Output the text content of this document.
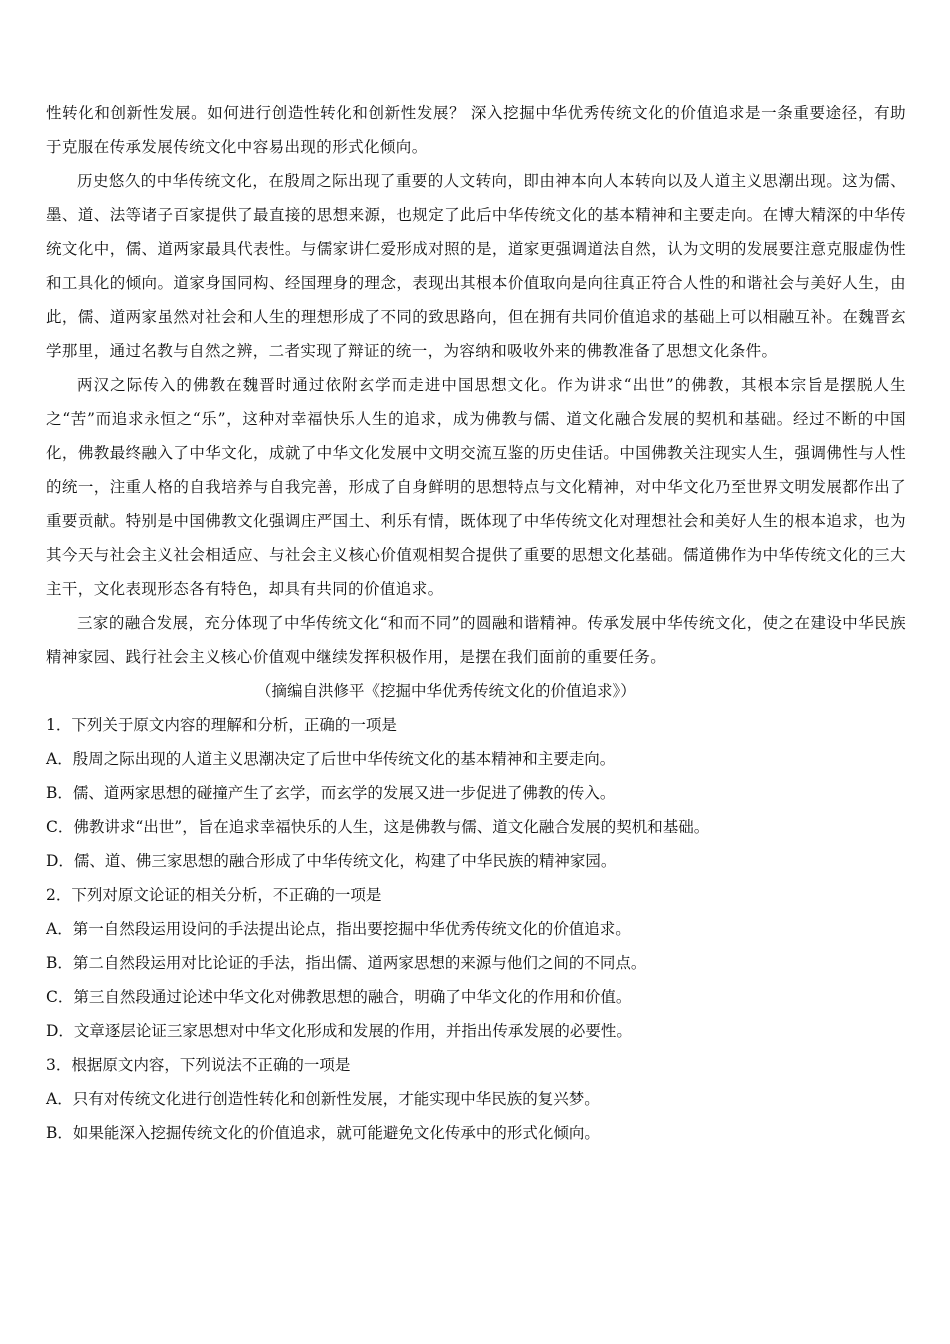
性转化和创新性发展。如何进行创造性转化和创新性发展？ 深入挖掘中华优秀传统文化的价值追求是一条重要途径，有助于克服在传承发展传统文化中容易出现的形式化倾向。

历史悠久的中华传统文化，在殷周之际出现了重要的人文转向，即由神本向人本转向以及人道主义思潮出现。这为儒、墨、道、法等诸子百家提供了最直接的思想来源，也规定了此后中华传统文化的基本精神和主要走向。在博大精深的中华传统文化中，儒、道两家最具代表性。与儒家讲仁爱形成对照的是，道家更强调道法自然，认为文明的发展要注意克服虚伪性和工具化的倾向。道家身国同构、经国理身的理念，表现出其根本价值取向是向往真正符合人性的和谐社会与美好人生，由此，儒、道两家虽然对社会和人生的理想形成了不同的致思路向，但在拥有共同价值追求的基础上可以相融互补。在魏晋玄学那里，通过名教与自然之辨，二者实现了辩证的统一，为容纳和吸收外来的佛教准备了思想文化条件。

两汉之际传入的佛教在魏晋时通过依附玄学而走进中国思想文化。作为讲求“出世”的佛教，其根本宗旨是摆脱人生之“苦”而追求永恒之“乐”，这种对幸福快乐人生的追求，成为佛教与儒、道文化融合发展的契机和基础。经过不断的中国化，佛教最终融入了中华文化，成就了中华文化发展中文明交流互鉴的历史佳话。中国佛教关注现实人生，强调佛性与人性的统一，注重人格的自我培养与自我完善，形成了自身鲜明的思想特点与文化精神，对中华文化乃至世界文明发展都作出了重要贡献。特别是中国佛教文化强调庄严国土、利乐有情，既体现了中华传统文化对理想社会和美好人生的根本追求，也为其今天与社会主义社会相适应、与社会主义核心价值观相契合提供了重要的思想文化基础。儒道佛作为中华传统文化的三大主干，文化表现形态各有特色，却具有共同的价值追求。

三家的融合发展，充分体现了中华传统文化“和而不同”的圆融和谐精神。传承发展中华传统文化，使之在建设中华民族精神家园、践行社会主义核心价值观中继续发挥积极作用，是摆在我们面前的重要任务。

（摘编自洪修平《挖掘中华优秀传统文化的价值追求》）

1．下列关于原文内容的理解和分析，正确的一项是

A．殷周之际出现的人道主义思潮决定了后世中华传统文化的基本精神和主要走向。

B．儒、道两家思想的碰撞产生了玄学，而玄学的发展又进一步促进了佛教的传入。

C．佛教讲求“出世”，旨在追求幸福快乐的人生，这是佛教与儒、道文化融合发展的契机和基础。

D．儒、道、佛三家思想的融合形成了中华传统文化，构建了中华民族的精神家园。

2．下列对原文论证的相关分析，不正确的一项是

A．第一自然段运用设问的手法提出论点，指出要挖掘中华优秀传统文化的价值追求。

B．第二自然段运用对比论证的手法，指出儒、道两家思想的来源与他们之间的不同点。

C．第三自然段通过论述中华文化对佛教思想的融合，明确了中华文化的作用和价值。

D．文章逐层论证三家思想对中华文化形成和发展的作用，并指出传承发展的必要性。

3．根据原文内容，下列说法不正确的一项是

A．只有对传统文化进行创造性转化和创新性发展，才能实现中华民族的复兴梦。

B．如果能深入挖掘传统文化的价值追求，就可能避免文化传承中的形式化倾向。
